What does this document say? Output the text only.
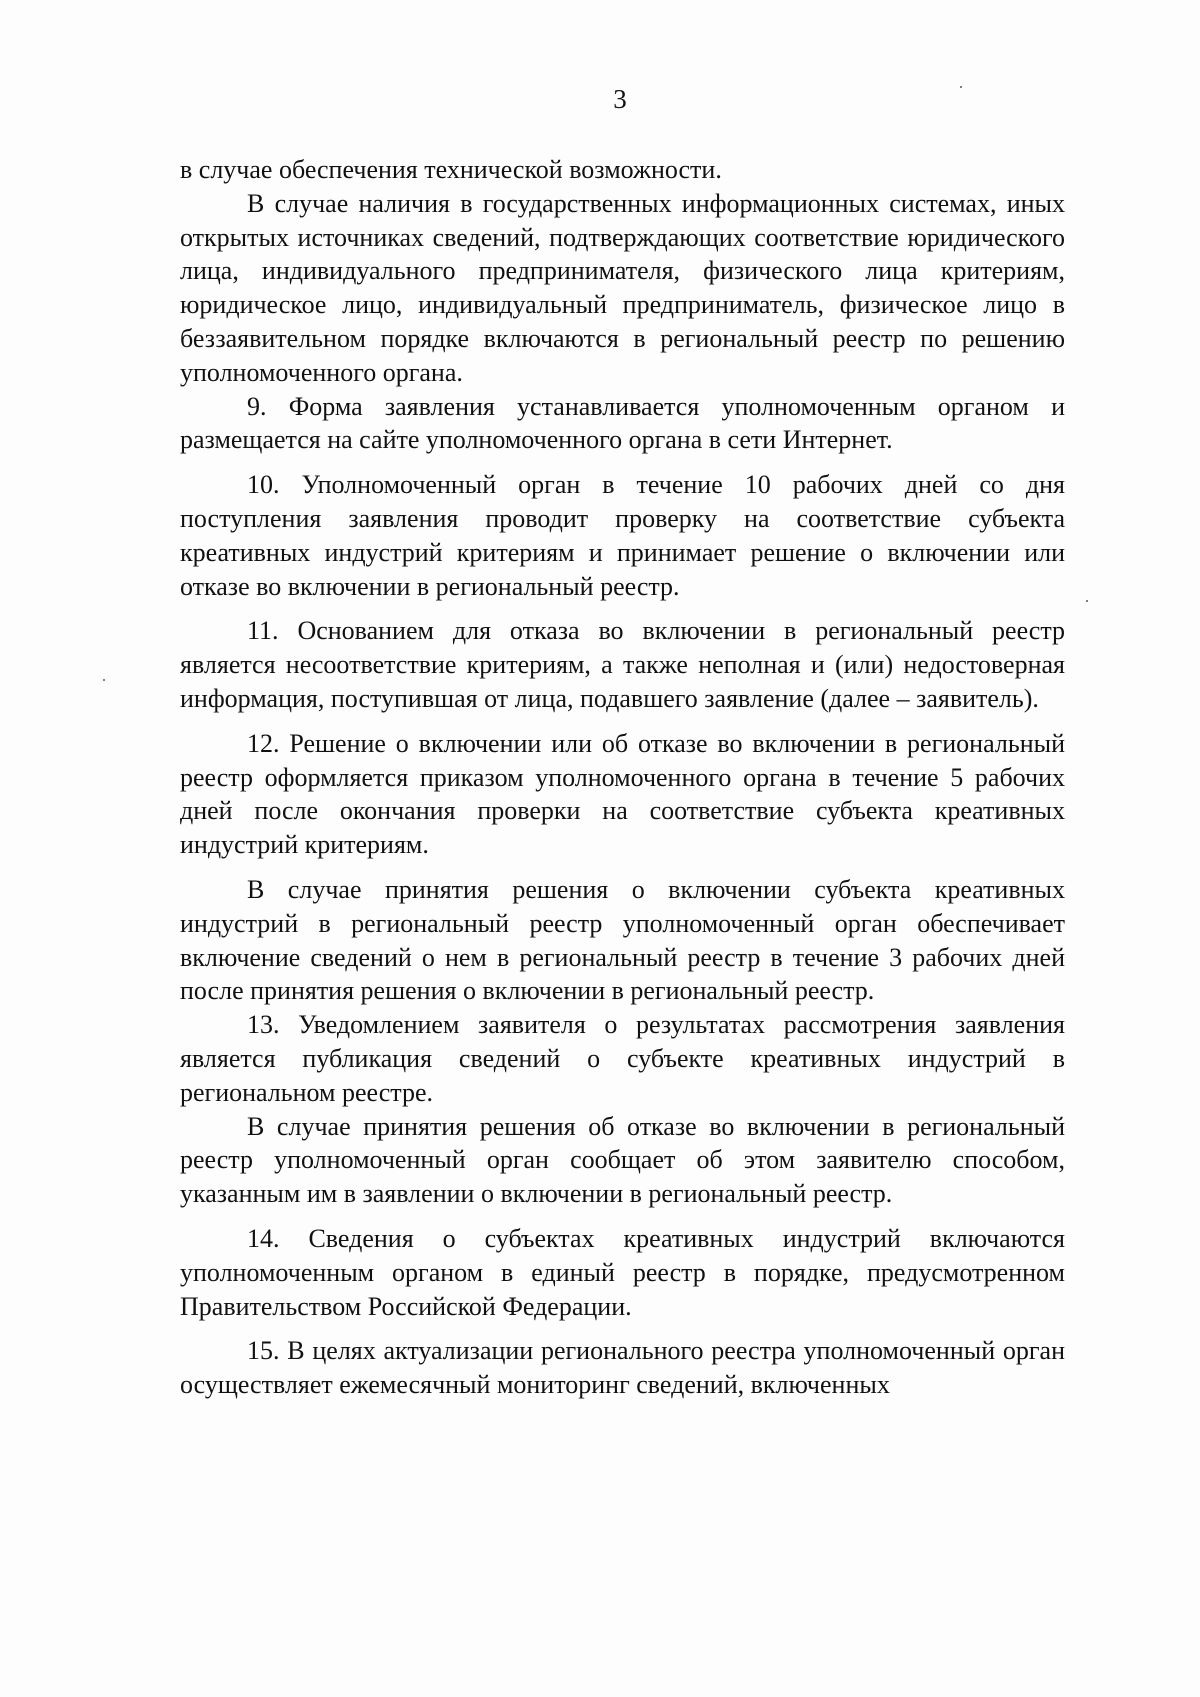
3

в случае обеспечения технической возможности.

В случае наличия в государственных информационных системах, иных открытых источниках сведений, подтверждающих соответствие юридического лица, индивидуального предпринимателя, физического лица критериям, юридическое лицо, индивидуальный предприниматель, физическое лицо в беззаявительном порядке включаются в региональный реестр по решению уполномоченного органа.

9. Форма заявления устанавливается уполномоченным органом и размещается на сайте уполномоченного органа в сети Интернет.

10. Уполномоченный орган в течение 10 рабочих дней со дня поступления заявления проводит проверку на соответствие субъекта креативных индустрий критериям и принимает решение о включении или отказе во включении в региональный реестр.

11. Основанием для отказа во включении в региональный реестр является несоответствие критериям, а также неполная и (или) недостоверная информация, поступившая от лица, подавшего заявление (далее – заявитель).

12. Решение о включении или об отказе во включении в региональный реестр оформляется приказом уполномоченного органа в течение 5 рабочих дней после окончания проверки на соответствие субъекта креативных индустрий критериям.

В случае принятия решения о включении субъекта креативных индустрий в региональный реестр уполномоченный орган обеспечивает включение сведений о нем в региональный реестр в течение 3 рабочих дней после принятия решения о включении в региональный реестр.

13. Уведомлением заявителя о результатах рассмотрения заявления является публикация сведений о субъекте креативных индустрий в региональном реестре.

В случае принятия решения об отказе во включении в региональный реестр уполномоченный орган сообщает об этом заявителю способом, указанным им в заявлении о включении в региональный реестр.

14. Сведения о субъектах креативных индустрий включаются уполномоченным органом в единый реестр в порядке, предусмотренном Правительством Российской Федерации.

15. В целях актуализации регионального реестра уполномоченный орган осуществляет ежемесячный мониторинг сведений, включенных
